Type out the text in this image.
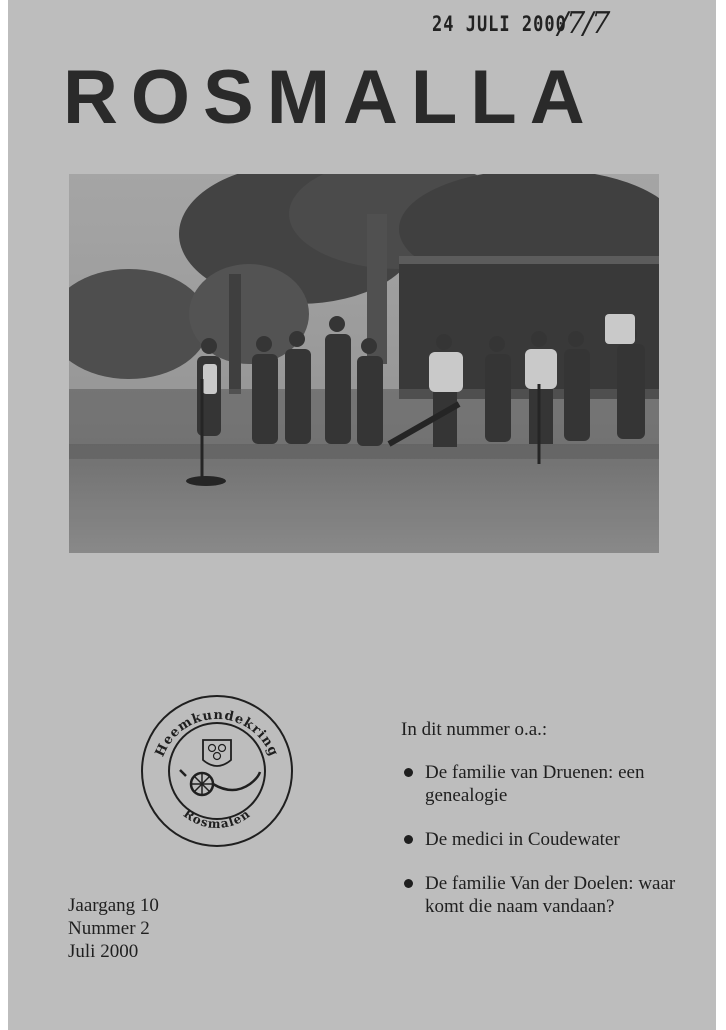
24 JULI 2000
/7/7
ROSMALLA
Heemkundekring
Rosmalen
In dit nummer o.a.:
De familie van Druenen: een genealogie
De medici in Coudewater
De familie Van der Doelen: waar komt die naam vandaan?
Jaargang 10
Nummer 2
Juli 2000
